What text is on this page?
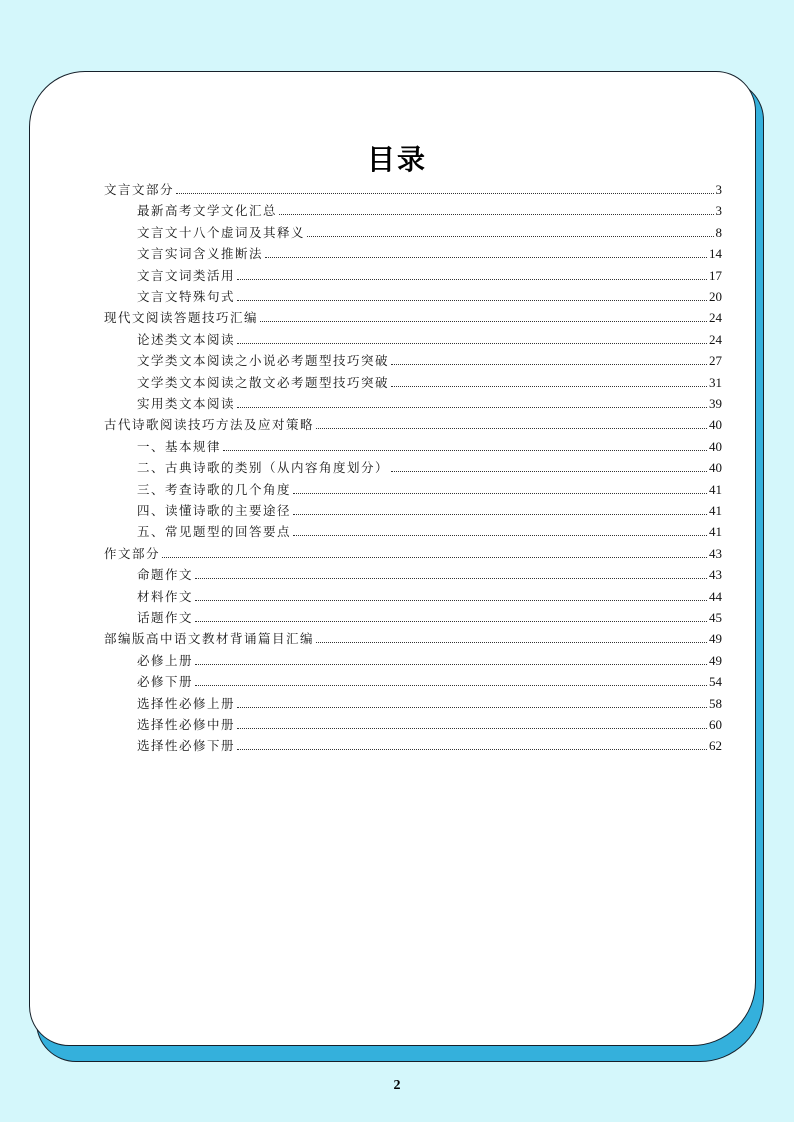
目录
文言文部分	3
最新高考文学文化汇总	3
文言文十八个虚词及其释义	8
文言实词含义推断法	14
文言文词类活用	17
文言文特殊句式	20
现代文阅读答题技巧汇编	24
论述类文本阅读	24
文学类文本阅读之小说必考题型技巧突破	27
文学类文本阅读之散文必考题型技巧突破	31
实用类文本阅读	39
古代诗歌阅读技巧方法及应对策略	40
一、基本规律	40
二、古典诗歌的类别（从内容角度划分）	40
三、考查诗歌的几个角度	41
四、读懂诗歌的主要途径	41
五、常见题型的回答要点	41
作文部分	43
命题作文	43
材料作文	44
话题作文	45
部编版高中语文教材背诵篇目汇编	49
必修上册	49
必修下册	54
选择性必修上册	58
选择性必修中册	60
选择性必修下册	62
2
